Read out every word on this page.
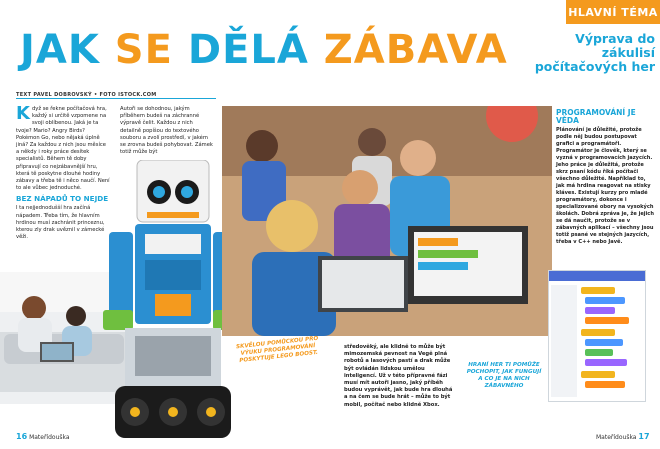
HLAVNÍ TÉMA
JAK SE DĚLÁ ZÁBAVA	Výprava do zákulisí počítačových her
TEXT PAVEL DOBROVSKÝ • FOTO ISTOCK.COM
K dyž se řekne počítačová hra, každý si určitě vzpomene na svoji oblíbenou. Jaká je ta tvoje? Mario? Angry Birds? Pokémon Go, nebo nějaká úplně jiná? Za každou z nich jsou měsíce a někdy i roky práce desítek specialistů. Během tě doby připravují co nejzábavnější hru, která tě poskytne dlouhé hodiny zábavy a třeba tě i něco naučí. Není to ale vůbec jednoduché.

BEZ NÁPADŮ TO NEJDE

I ta nejjednodušší hra začíná nápadem. Třeba tím, že hlavním hrdinou musí zachránit princeznu, kterou zly drak uvěznil v zámecké věži.

Autoři se dohodnou, jakým příběhem budeš na záchranné výpravě čelit. Každou z nich detailně popíšou do textového souboru a zvolí prostředí, v jakém se zrovna budeš pohybovat. Zámek totiž může být

PROGRAMOVÁNÍ JE VĚDA

Plánování je důležité, protože podle něj budou postupovat grafici a programátoři. Programátor je člověk, který se vyzná v programovacích jazycích. Jeho práce je důležitá, protože skrz psaní kódu říká počítači všechno důležité. Například to, jak má hrdina reagovat na stisky kláves. Existují kurzy pro mladé programátory, dokonce i specializované obory na vysokých školách. Dobrá zpráva je, že jejich se dá naučit, protože se v zábavných aplikací – všechny jsou totiž psané ve stejných jazycích, třeba v C++ nebo Javě.

středověký, ale klidně to může být mimozemská pevnost na Vegě plná robotů a lasových pastí a drak může být ovládán lidskou umělou inteligencí. Už v této přípravné fázi musí mít autoři jasno, jaký příběh budou vyprávět, jak bude hra dlouhá a na čem se bude hrát – může to být mobil, počítač nebo klidně Xbox.

SKVĚLOU POMŮCKOU PRO VÝUKU PROGRAMOVÁNÍ POSKYTUJE LEGO BOOST.
HRANÍ HER TI POMŮŽE POCHOPIT, JAK FUNGUJÍ A CO JE NA NICH ZÁBAVNÉHO
16 Mateřídouška	Mateřídouška 17
